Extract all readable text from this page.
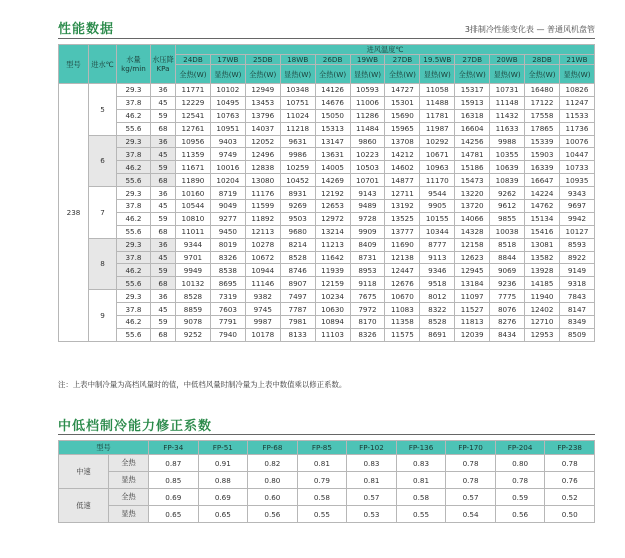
性能数据	3排制冷性能变化表 — 普通风机盘管
型号	进水℃	水量kg/min	水压降KPa	进风温度℃											
				24DB	17WB	25DB	18WB	26DB	19WB	27DB	19.5WB	27DB	20WB	28DB	21WB
				全热(W)	显热(W)	全热(W)	显热(W)	全热(W)	显热(W)	全热(W)	显热(W)	全热(W)	显热(W)	全热(W)	显热(W)
238	5	29.3	36	11771	10102	12949	10348	14126	10593	14727	11058	15317	10731	16480	10826
		37.8	45	12229	10495	13453	10751	14676	11006	15301	11488	15913	11148	17122	11247
		46.2	59	12541	10763	13796	11024	15050	11286	15690	11781	16318	11432	17558	11533
		55.6	68	12761	10951	14037	11218	15313	11484	15965	11987	16604	11633	17865	11736
	6	29.3	36	10956	9403	12052	9631	13147	9860	13708	10292	14256	9988	15339	10076
		37.8	45	11359	9749	12496	9986	13631	10223	14212	10671	14781	10355	15903	10447
		46.2	59	11671	10016	12838	10259	14005	10503	14602	10963	15186	10639	16339	10733
		55.6	68	11890	10204	13080	10452	14269	10701	14877	11170	15473	10839	16647	10935
	7	29.3	36	10160	8719	11176	8931	12192	9143	12711	9544	13220	9262	14224	9343
		37.8	45	10544	9049	11599	9269	12653	9489	13192	9905	13720	9612	14762	9697
		46.2	59	10810	9277	11892	9503	12972	9728	13525	10155	14066	9855	15134	9942
		55.6	68	11011	9450	12113	9680	13214	9909	13777	10344	14328	10038	15416	10127
	8	29.3	36	9344	8019	10278	8214	11213	8409	11690	8777	12158	8518	13081	8593
		37.8	45	9701	8326	10672	8528	11642	8731	12138	9113	12623	8844	13582	8922
		46.2	59	9949	8538	10944	8746	11939	8953	12447	9346	12945	9069	13928	9149
		55.6	68	10132	8695	11146	8907	12159	9118	12676	9518	13184	9236	14185	9318
	9	29.3	36	8528	7319	9382	7497	10234	7675	10670	8012	11097	7775	11940	7843
		37.8	45	8859	7603	9745	7787	10630	7972	11083	8322	11527	8076	12402	8147
		46.2	59	9078	7791	9987	7981	10894	8170	11358	8528	11813	8276	12710	8349
		55.6	68	9252	7940	10178	8133	11103	8326	11575	8691	12039	8434	12953	8509
注：上表中制冷量为高档风量时的值，中低档风量时制冷量为上表中数值乘以修正系数。
中低档制冷能力修正系数
型号		FP-34	FP-51	FP-68	FP-85	FP-102	FP-136	FP-170	FP-204	FP-238
中速	全热	0.87	0.91	0.82	0.81	0.83	0.83	0.78	0.80	0.78
	显热	0.85	0.88	0.80	0.79	0.81	0.81	0.78	0.78	0.76
低速	全热	0.69	0.69	0.60	0.58	0.57	0.58	0.57	0.59	0.52
	显热	0.65	0.65	0.56	0.55	0.53	0.55	0.54	0.56	0.50
